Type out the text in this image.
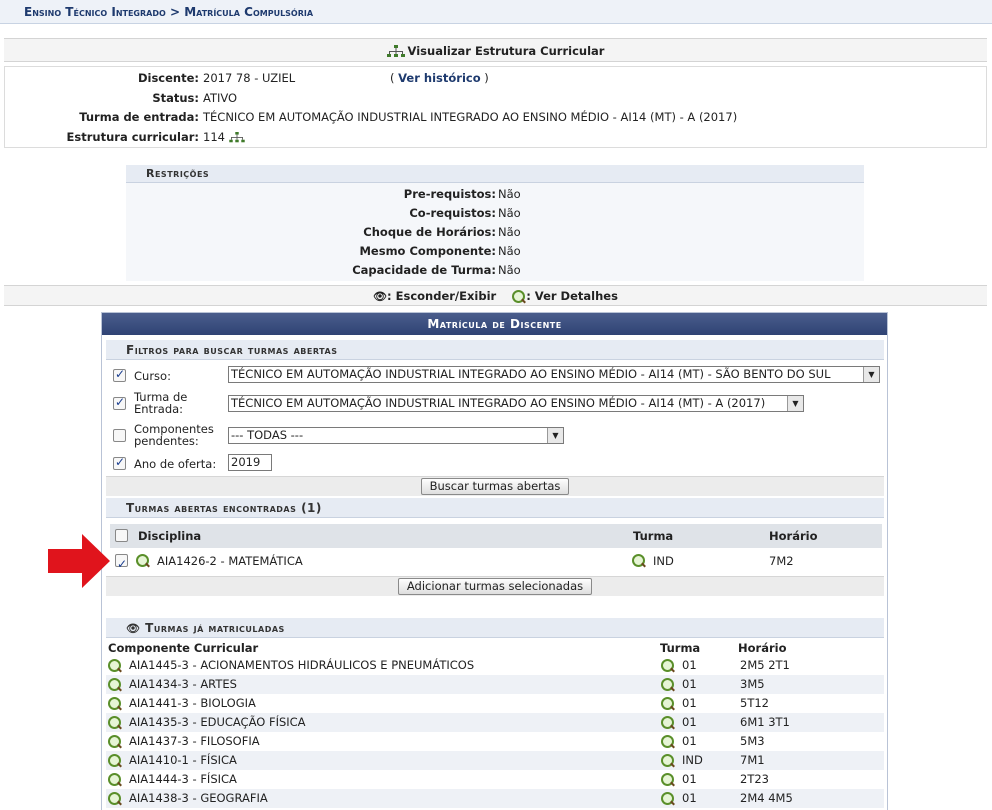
Ensino Técnico Integrado > Matrícula Compulsória
Visualizar Estrutura Curricular
Discente: 2017 78 - UZIEL	( Ver histórico )
Status: ATIVO
Turma de entrada: TÉCNICO EM AUTOMAÇÃO INDUSTRIAL INTEGRADO AO ENSINO MÉDIO - AI14 (MT) - A (2017)
Estrutura curricular: 114
Restrições
Pre-requistos: Não
Co-requistos: Não
Choque de Horários: Não
Mesmo Componente: Não
Capacidade de Turma: Não
👁: Esconder/Exibir	: Ver Detalhes
Matrícula de Discente
Filtros para buscar turmas abertas
✓
Curso:	TÉCNICO EM AUTOMAÇÃO INDUSTRIAL INTEGRADO AO ENSINO MÉDIO - AI14 (MT) - SÃO BENTO DO SUL	▼
✓
Turma de
Entrada:	TÉCNICO EM AUTOMAÇÃO INDUSTRIAL INTEGRADO AO ENSINO MÉDIO - AI14 (MT) - A (2017)	▼
Componentes
pendentes:	--- TODAS ---	▼
✓
Ano de oferta: 2019
Buscar turmas abertas
Turmas abertas encontradas (1)
Disciplina	Turma	Horário
✓
AIA1426-2 - MATEMÁTICA	IND	7M2
Adicionar turmas selecionadas
👁 Turmas já matriculadas
Componente Curricular	Turma	Horário
AIA1445-3 - ACIONAMENTOS HIDRÁULICOS E PNEUMÁTICOS	01	2M5 2T1
AIA1434-3 - ARTES	01	3M5
AIA1441-3 - BIOLOGIA	01	5T12
AIA1435-3 - EDUCAÇÃO FÍSICA	01	6M1 3T1
AIA1437-3 - FILOSOFIA	01	5M3
AIA1410-1 - FÍSICA	IND	7M1
AIA1444-3 - FÍSICA	01	2T23
AIA1438-3 - GEOGRAFIA	01	2M4 4M5
